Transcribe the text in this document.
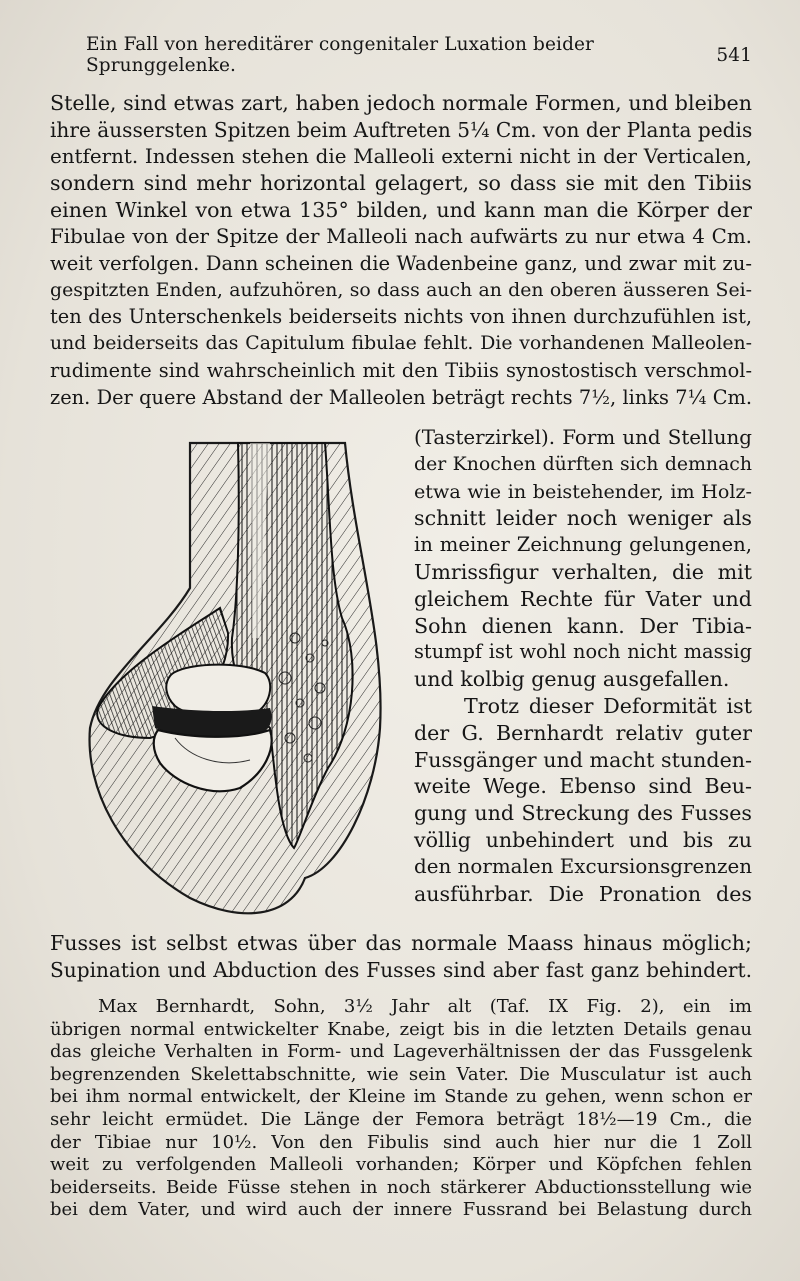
Ein Fall von hereditärer congenitaler Luxation beider Sprunggelenke.	541
Stelle, sind etwas zart, haben jedoch normale Formen, und bleiben
ihre äussersten Spitzen beim Auftreten 5¼ Cm. von der Planta pedis
entfernt. Indessen stehen die Malleoli externi nicht in der Verticalen,
sondern sind mehr horizontal gelagert, so dass sie mit den Tibiis
einen Winkel von etwa 135° bilden, und kann man die Körper der
Fibulae von der Spitze der Malleoli nach aufwärts zu nur etwa 4 Cm.
weit verfolgen. Dann scheinen die Wadenbeine ganz, und zwar mit zu-
gespitzten Enden, aufzuhören, so dass auch an den oberen äusseren Sei-
ten des Unterschenkels beiderseits nichts von ihnen durchzufühlen ist,
und beiderseits das Capitulum fibulae fehlt. Die vorhandenen Malleolen-
rudimente sind wahrscheinlich mit den Tibiis synostostisch verschmol-
zen. Der quere Abstand der Malleolen beträgt rechts 7½, links 7¼ Cm.
(Tasterzirkel). Form und Stellung
der Knochen dürften sich demnach
etwa wie in beistehender, im Holz-
schnitt leider noch weniger als
in meiner Zeichnung gelungenen,
Umrissfigur verhalten, die mit
gleichem Rechte für Vater und
Sohn dienen kann. Der Tibia-
stumpf ist wohl noch nicht massig
und kolbig genug ausgefallen.
Trotz dieser Deformität ist
der G. Bernhardt relativ guter
Fussgänger und macht stunden-
weite Wege. Ebenso sind Beu-
gung und Streckung des Fusses
völlig unbehindert und bis zu
den normalen Excursionsgrenzen
ausführbar. Die Pronation des
Fusses ist selbst etwas über das normale Maass hinaus möglich;
Supination und Abduction des Fusses sind aber fast ganz behindert.
Max Bernhardt, Sohn, 3½ Jahr alt (Taf. IX Fig. 2), ein im
übrigen normal entwickelter Knabe, zeigt bis in die letzten Details genau
das gleiche Verhalten in Form- und Lageverhältnissen der das Fussgelenk
begrenzenden Skelettabschnitte, wie sein Vater. Die Musculatur ist auch
bei ihm normal entwickelt, der Kleine im Stande zu gehen, wenn schon er
sehr leicht ermüdet. Die Länge der Femora beträgt 18½—19 Cm., die
der Tibiae nur 10½. Von den Fibulis sind auch hier nur die 1 Zoll
weit zu verfolgenden Malleoli vorhanden; Körper und Köpfchen fehlen
beiderseits. Beide Füsse stehen in noch stärkerer Abductionsstellung wie
bei dem Vater, und wird auch der innere Fussrand bei Belastung durch
